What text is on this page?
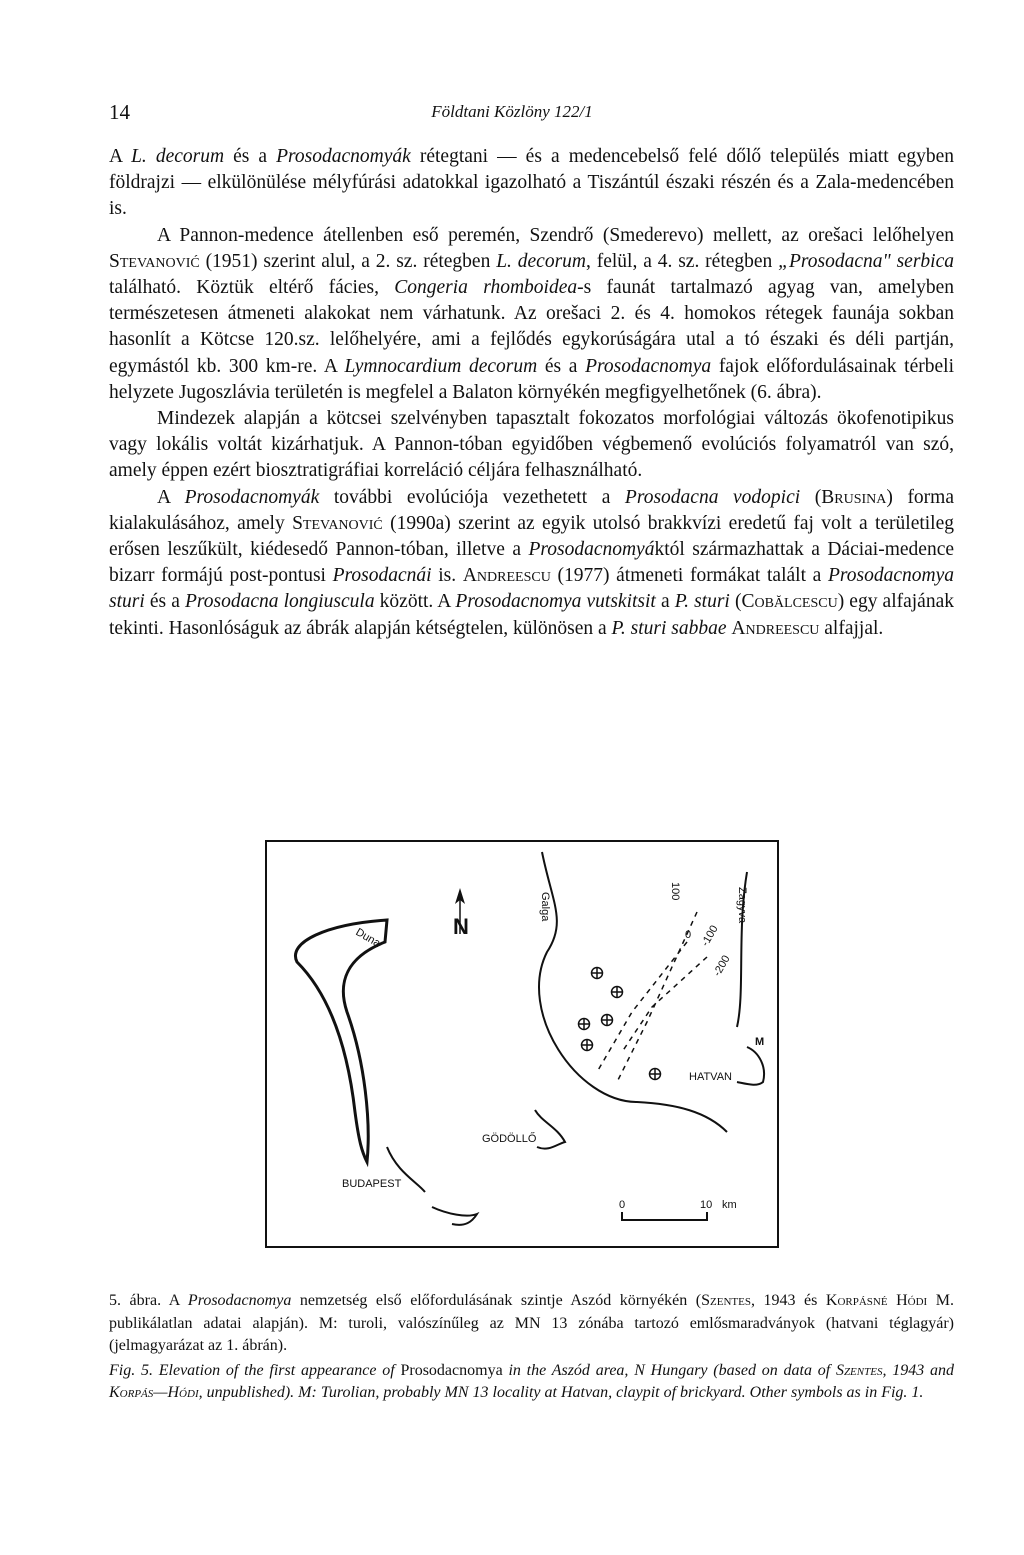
14	Földtani Közlöny 122/1

A L. decorum és a Prosodacnomyák rétegtani — és a medencebelső felé dőlő település miatt egyben földrajzi — elkülönülése mélyfúrási adatokkal igazolható a Tiszántúl északi részén és a Zala-medencében is.

A Pannon-medence átellenben eső peremén, Szendrő (Smederevo) mellett, az orešaci lelőhelyen Stevanović (1951) szerint alul, a 2. sz. rétegben L. decorum, felül, a 4. sz. rétegben „Prosodacna" serbica található. Köztük eltérő fácies, Congeria rhomboidea-s faunát tartalmazó agyag van, amelyben természetesen átmeneti alakokat nem várhatunk. Az orešaci 2. és 4. homokos rétegek faunája sokban hasonlít a Kötcse 120.sz. lelőhelyére, ami a fejlődés egykorúságára utal a tó északi és déli partján, egymástól kb. 300 km-re. A Lymnocardium decorum és a Prosodacnomya fajok előfordulásainak térbeli helyzete Jugoszlávia területén is megfelel a Balaton környékén megfigyelhetőnek (6. ábra).

Mindezek alapján a kötcsei szelvényben tapasztalt fokozatos morfológiai változás ökofenotipikus vagy lokális voltát kizárhatjuk. A Pannon-tóban egyidőben végbemenő evolúciós folyamatról van szó, amely éppen ezért biosztratigráfiai korreláció céljára felhasználható.

A Prosodacnomyák további evolúciója vezethetett a Prosodacna vodopici (Brusina) forma kialakulásához, amely Stevanović (1990a) szerint az egyik utolsó brakkvízi eredetű faj volt a területileg erősen leszűkült, kiédesedő Pannon-tóban, illetve a Prosodacnomyáktól származhattak a Dáciai-medence bizarr formájú post-pontusi Prosodacnái is. Andreescu (1977) átmeneti formákat talált a Prosodacnomya sturi és a Prosodacna longiuscula között. A Prosodacnomya vutskitsit a P. sturi (Cobălcescu) egy alfajának tekinti. Hasonlóságuk az ábrák alapján kétségtelen, különösen a P. sturi sabbae Andreescu alfajjal.

Duna
Galga	Zagyva
N
BUDAPEST
GÖDÖLLŐ
HATVAN
M
100
0 -100
-200
0	10 km

5. ábra. A Prosodacnomya nemzetség első előfordulásának szintje Aszód környékén (Szentes, 1943 és Korpásné Hódi M. publikálatlan adatai alapján). M: turoli, valószínűleg az MN 13 zónába tartozó emlősmaradványok (hatvani téglagyár) (jelmagyarázat az 1. ábrán).

Fig. 5. Elevation of the first appearance of Prosodacnomya in the Aszód area, N Hungary (based on data of Szentes, 1943 and Korpás—Hódi, unpublished). M: Turolian, probably MN 13 locality at Hatvan, claypit of brickyard. Other symbols as in Fig. 1.
